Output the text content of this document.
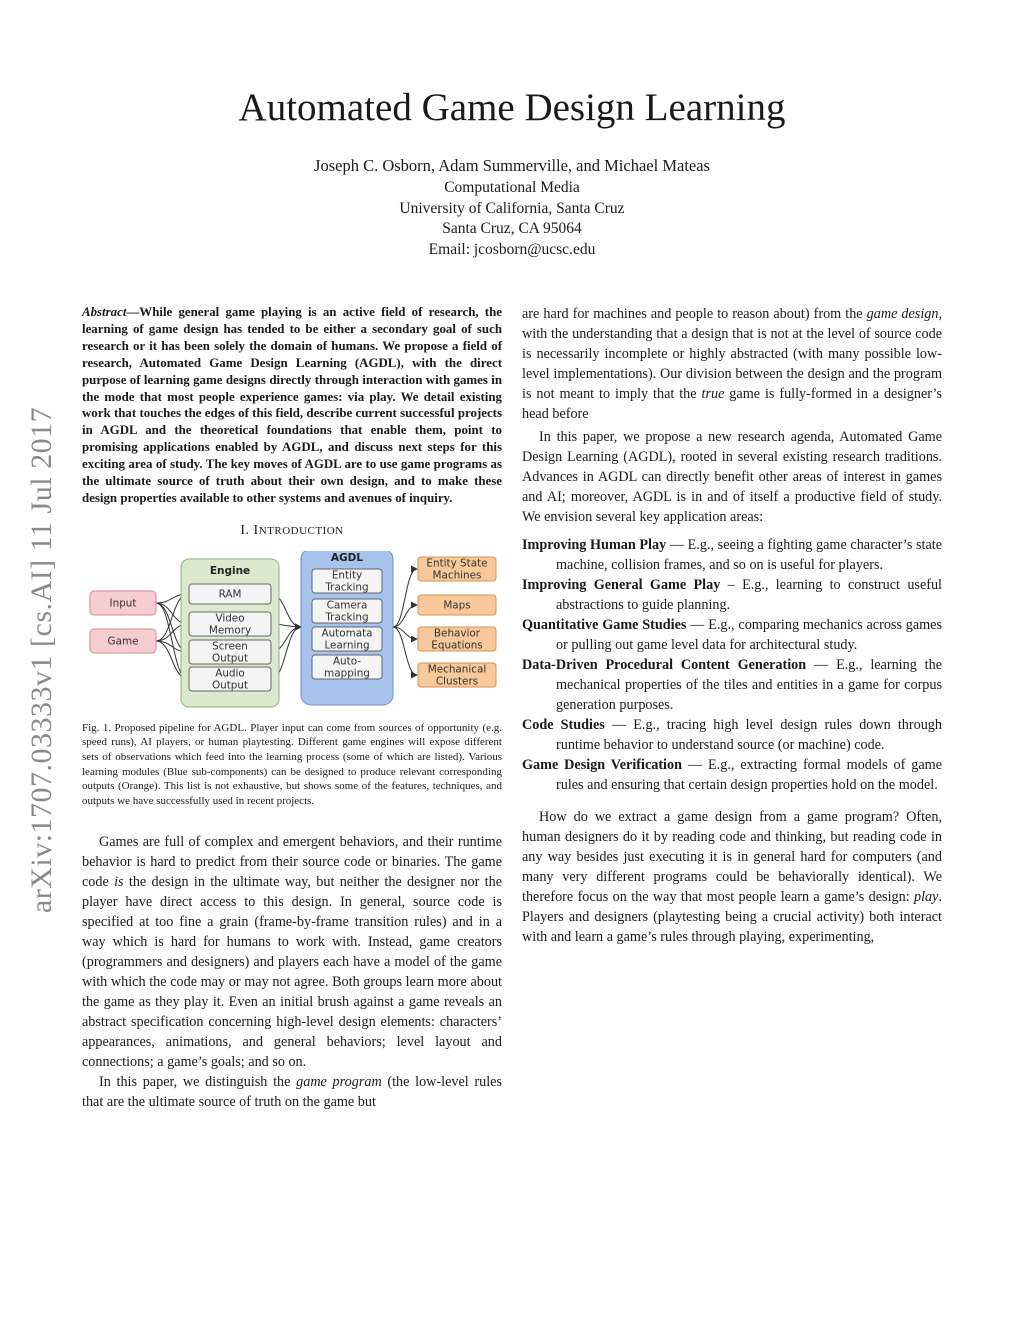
arXiv:1707.03333v1 [cs.AI] 11 Jul 2017
Automated Game Design Learning
Joseph C. Osborn, Adam Summerville, and Michael Mateas
Computational Media
University of California, Santa Cruz
Santa Cruz, CA 95064
Email: jcosborn@ucsc.edu

Abstract—While general game playing is an active field of research, the learning of game design has tended to be either a secondary goal of such research or it has been solely the domain of humans. We propose a field of research, Automated Game Design Learning (AGDL), with the direct purpose of learning game designs directly through interaction with games in the mode that most people experience games: via play. We detail existing work that touches the edges of this field, describe current successful projects in AGDL and the theoretical foundations that enable them, point to promising applications enabled by AGDL, and discuss next steps for this exciting area of study. The key moves of AGDL are to use game programs as the ultimate source of truth about their own design, and to make these design properties available to other systems and avenues of inquiry.

I. INTRODUCTION
Input
Game
Engine
RAM
Video
Memory
Screen
Output
Audio
Output
AGDL
Entity
Tracking
Camera
Tracking
Automata
Learning
Auto-
mapping
Entity State
Machines
Maps
Behavior
Equations
Mechanical
Clusters

Fig. 1. Proposed pipeline for AGDL. Player input can come from sources of opportunity (e.g. speed runs), AI players, or human playtesting. Different game engines will expose different sets of observations which feed into the learning process (some of which are listed). Various learning modules (Blue sub-components) can be designed to produce relevant corresponding outputs (Orange). This list is not exhaustive, but shows some of the features, techniques, and outputs we have successfully used in recent projects.

Games are full of complex and emergent behaviors, and their runtime behavior is hard to predict from their source code or binaries. The game code is the design in the ultimate way, but neither the designer nor the player have direct access to this design. In general, source code is specified at too fine a grain (frame-by-frame transition rules) and in a way which is hard for humans to work with. Instead, game creators (programmers and designers) and players each have a model of the game with which the code may or may not agree. Both groups learn more about the game as they play it. Even an initial brush against a game reveals an abstract specification concerning high-level design elements: characters’ appearances, animations, and general behaviors; level layout and connections; a game’s goals; and so on.

In this paper, we distinguish the game program (the low-level rules that are the ultimate source of truth on the game but

are hard for machines and people to reason about) from the game design, with the understanding that a design that is not at the level of source code is necessarily incomplete or highly abstracted (with many possible low-level implementations). Our division between the design and the program is not meant to imply that the true game is fully-formed in a designer’s head before

In this paper, we propose a new research agenda, Automated Game Design Learning (AGDL), rooted in several existing research traditions. Advances in AGDL can directly benefit other areas of interest in games and AI; moreover, AGDL is in and of itself a productive field of study. We envision several key application areas:

Improving Human Play — E.g., seeing a fighting game character’s state machine, collision frames, and so on is useful for players.

Improving General Game Play – E.g., learning to construct useful abstractions to guide planning.

Quantitative Game Studies — E.g., comparing mechanics across games or pulling out game level data for architectural study.

Data-Driven Procedural Content Generation — E.g., learning the mechanical properties of the tiles and entities in a game for corpus generation purposes.

Code Studies — E.g., tracing high level design rules down through runtime behavior to understand source (or machine) code.

Game Design Verification — E.g., extracting formal models of game rules and ensuring that certain design properties hold on the model.

How do we extract a game design from a game program? Often, human designers do it by reading code and thinking, but reading code in any way besides just executing it is in general hard for computers (and many very different programs could be behaviorally identical). We therefore focus on the way that most people learn a game’s design: play. Players and designers (playtesting being a crucial activity) both interact with and learn a game’s rules through playing, experimenting,
